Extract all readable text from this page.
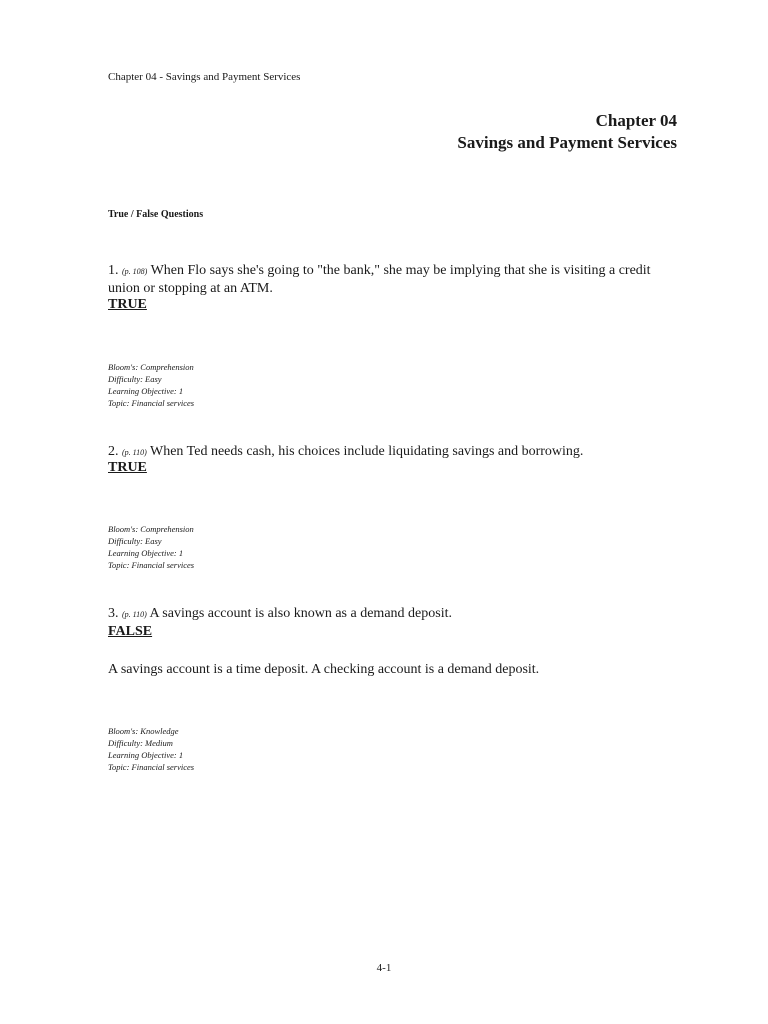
Chapter 04 - Savings and Payment Services
Chapter 04
Savings and Payment Services
True / False Questions
1. (p. 108) When Flo says she's going to "the bank," she may be implying that she is visiting a credit union or stopping at an ATM.
TRUE
Bloom's: Comprehension
Difficulty: Easy
Learning Objective: 1
Topic: Financial services
2. (p. 110) When Ted needs cash, his choices include liquidating savings and borrowing.
TRUE
Bloom's: Comprehension
Difficulty: Easy
Learning Objective: 1
Topic: Financial services
3. (p. 110) A savings account is also known as a demand deposit.
FALSE
A savings account is a time deposit. A checking account is a demand deposit.
Bloom's: Knowledge
Difficulty: Medium
Learning Objective: 1
Topic: Financial services
4-1
